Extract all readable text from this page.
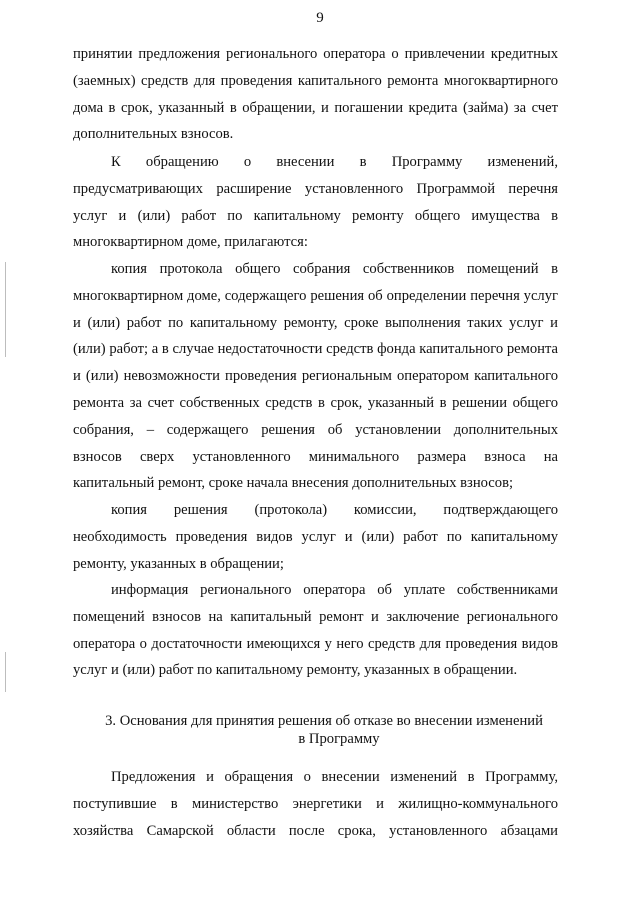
9
принятии предложения регионального оператора о привлечении кредитных
(заемных) средств для проведения капитального ремонта многоквартирного
дома в срок, указанный в обращении, и погашении кредита (займа) за счет
дополнительных взносов.
К обращению о внесении в Программу изменений,
предусматривающих расширение установленного Программой перечня
услуг и (или) работ по капитальному ремонту общего имущества в
многоквартирном доме, прилагаются:
копия протокола общего собрания собственников помещений в
многоквартирном доме, содержащего решения об определении перечня услуг
и (или) работ по капитальному ремонту, сроке выполнения таких услуг и
(или) работ; а в случае недостаточности средств фонда капитального ремонта
и (или) невозможности проведения региональным оператором капитального
ремонта за счет собственных средств в срок, указанный в решении общего
собрания, – содержащего решения об установлении дополнительных
взносов сверх установленного минимального размера взноса на
капитальный ремонт, сроке начала внесения дополнительных взносов;
копия решения (протокола) комиссии, подтверждающего
необходимость проведения видов услуг и (или) работ по капитальному
ремонту, указанных в обращении;
информация регионального оператора об уплате собственниками
помещений взносов на капитальный ремонт и заключение регионального
оператора о достаточности имеющихся у него средств для проведения видов
услуг и (или) работ по капитальному ремонту, указанных в обращении.
3. Основания для принятия решения об отказе во внесении изменений
в Программу
Предложения и обращения о внесении изменений в Программу,
поступившие в министерство энергетики и жилищно-коммунального
хозяйства Самарской области после срока, установленного абзацами
